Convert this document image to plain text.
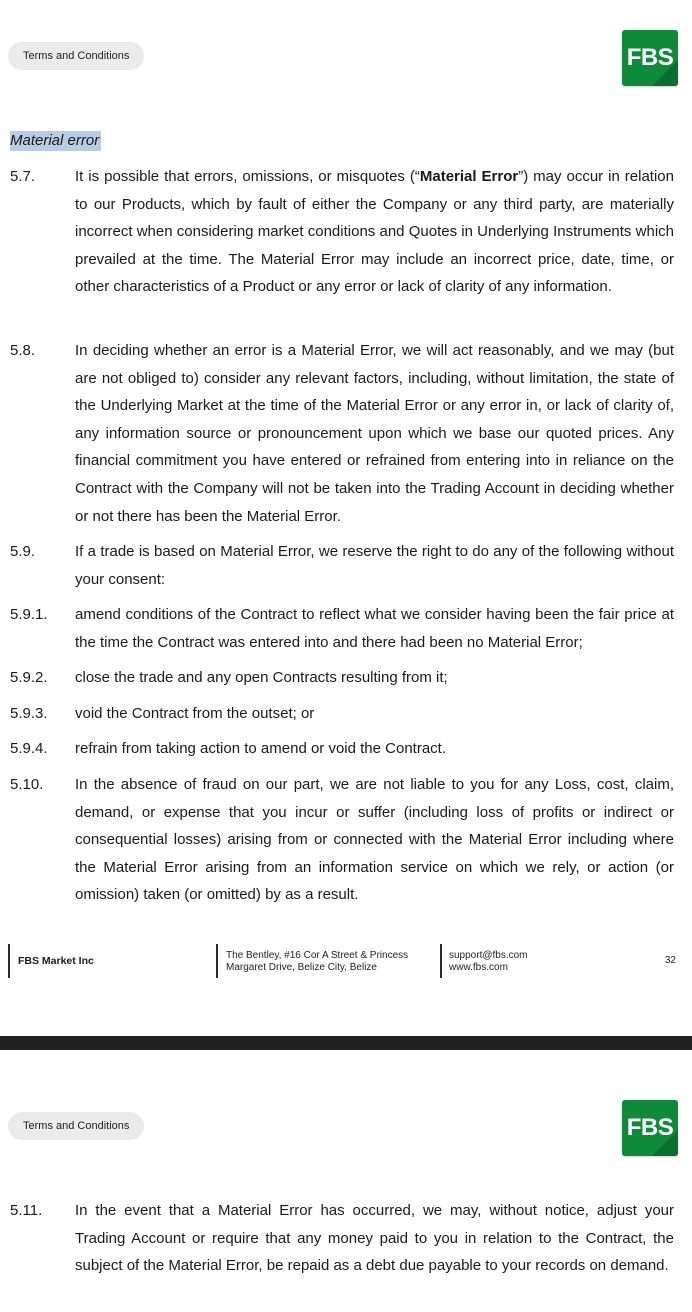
Terms and Conditions	FBS
Material error
5.7.	It is possible that errors, omissions, or misquotes (“Material Error”) may occur in relation to our Products, which by fault of either the Company or any third party, are materially incorrect when considering market conditions and Quotes in Underlying Instruments which prevailed at the time. The Material Error may include an incorrect price, date, time, or other characteristics of a Product or any error or lack of clarity of any information.
5.8.	In deciding whether an error is a Material Error, we will act reasonably, and we may (but are not obliged to) consider any relevant factors, including, without limitation, the state of the Underlying Market at the time of the Material Error or any error in, or lack of clarity of, any information source or pronouncement upon which we base our quoted prices. Any financial commitment you have entered or refrained from entering into in reliance on the Contract with the Company will not be taken into the Trading Account in deciding whether or not there has been the Material Error.
5.9.	If a trade is based on Material Error, we reserve the right to do any of the following without your consent:
5.9.1. amend conditions of the Contract to reflect what we consider having been the fair price at the time the Contract was entered into and there had been no Material Error;
5.9.2. close the trade and any open Contracts resulting from it;
5.9.3. void the Contract from the outset; or
5.9.4. refrain from taking action to amend or void the Contract.
5.10. In the absence of fraud on our part, we are not liable to you for any Loss, cost, claim, demand, or expense that you incur or suffer (including loss of profits or indirect or consequential losses) arising from or connected with the Material Error including where the Material Error arising from an information service on which we rely, or action (or omission) taken (or omitted) by as a result.
FBS Market Inc	The Bentley, #16 Cor A Street & Princess
Margaret Drive, Belize City, Belize
support@fbs.com
www.fbs.com
32
Terms and Conditions	FBS
5.11. In the event that a Material Error has occurred, we may, without notice, adjust your Trading Account or require that any money paid to you in relation to the Contract, the subject of the Material Error, be repaid as a debt due payable to your records on demand.
